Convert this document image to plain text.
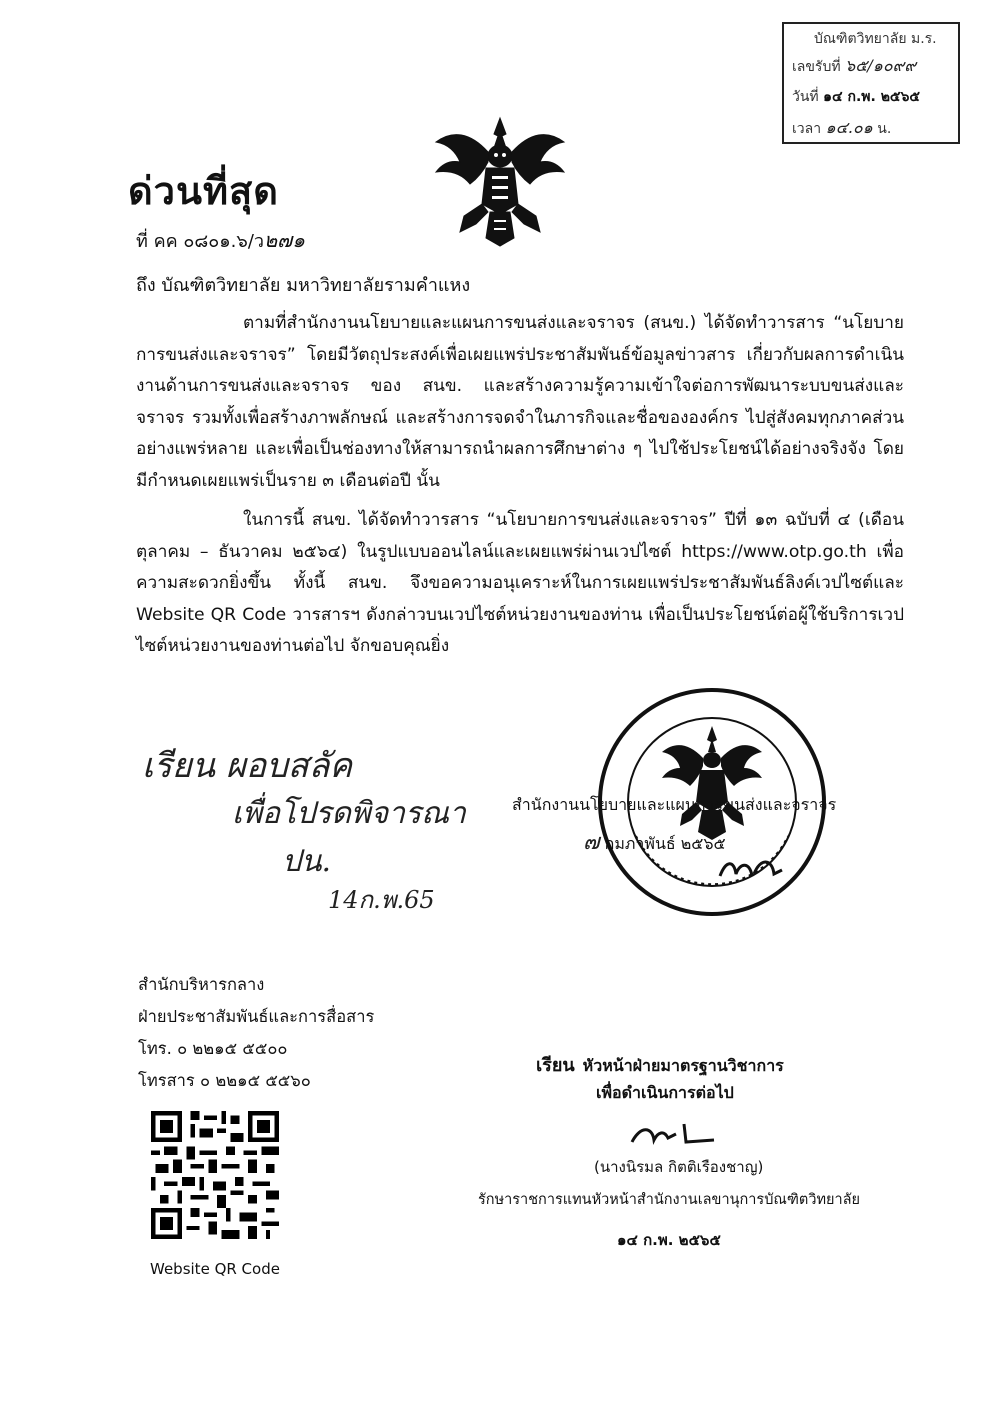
บัณฑิตวิทยาลัย ม.ร.
เลขรับที่ ๖๕/๑๐๙๙
วันที่ ๑๔ ก.พ. ๒๕๖๕
เวลา ๑๔.๐๑ น.
ด่วนที่สุด
ที่ คค ๐๘๐๑.๖/ว๒๗๑
ถึง บัณฑิตวิทยาลัย มหาวิทยาลัยรามคำแหง

ตามที่สำนักงานนโยบายและแผนการขนส่งและจราจร (สนข.) ได้จัดทำวารสาร “นโยบายการขนส่งและจราจร” โดยมีวัตถุประสงค์เพื่อเผยแพร่ประชาสัมพันธ์ข้อมูลข่าวสาร เกี่ยวกับผลการดำเนินงานด้านการขนส่งและจราจร ของ สนข. และสร้างความรู้ความเข้าใจต่อการพัฒนาระบบขนส่งและจราจร รวมทั้งเพื่อสร้างภาพลักษณ์ และสร้างการจดจำในภารกิจและชื่อขององค์กร ไปสู่สังคมทุกภาคส่วนอย่างแพร่หลาย และเพื่อเป็นช่องทางให้สามารถนำผลการศึกษาต่าง ๆ ไปใช้ประโยชน์ได้อย่างจริงจัง โดยมีกำหนดเผยแพร่เป็นราย ๓ เดือนต่อปี นั้น

ในการนี้ สนข. ได้จัดทำวารสาร “นโยบายการขนส่งและจราจร” ปีที่ ๑๓ ฉบับที่ ๔ (เดือนตุลาคม – ธันวาคม ๒๕๖๔) ในรูปแบบออนไลน์และเผยแพร่ผ่านเวปไซต์ https://www.otp.go.th เพื่อความสะดวกยิ่งขึ้น ทั้งนี้ สนข. จึงขอความอนุเคราะห์ในการเผยแพร่ประชาสัมพันธ์ลิงค์เวปไซต์และ Website QR Code วารสารฯ ดังกล่าวบนเวปไซต์หน่วยงานของท่าน เพื่อเป็นประโยชน์ต่อผู้ใช้บริการเวปไซต์หน่วยงานของท่านต่อไป จักขอบคุณยิ่ง

เรียน ผอบสลัค
เพื่อโปรดพิจารณา
ปน.
14ก.พ.65
สำนักงานนโยบายและแผนการขนส่งและจราจร
๗ กุมภาพันธ์ ๒๕๖๕
สำนักบริหารกลาง
ฝ่ายประชาสัมพันธ์และการสื่อสาร
โทร. ๐ ๒๒๑๕ ๕๕๐๐
โทรสาร ๐ ๒๒๑๕ ๕๕๖๐
Website QR Code
เรียน หัวหน้าฝ่ายมาตรฐานวิชาการ
เพื่อดำเนินการต่อไป
(นางนิรมล กิตติเรืองชาญ)
รักษาราชการแทนหัวหน้าสำนักงานเลขานุการบัณฑิตวิทยาลัย
๑๔ ก.พ. ๒๕๖๕
